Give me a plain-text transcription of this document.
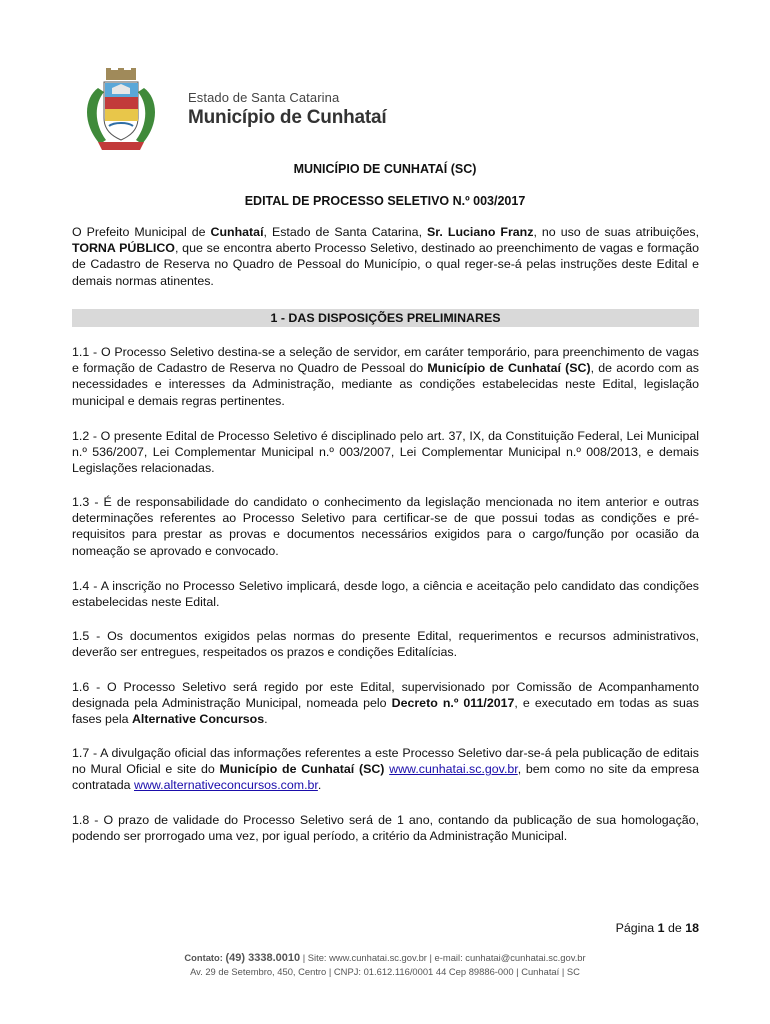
Estado de Santa Catarina
Município de Cunhataí
MUNICÍPIO DE CUNHATAÍ (SC)
EDITAL DE PROCESSO SELETIVO N.º 003/2017
O Prefeito Municipal de Cunhataí, Estado de Santa Catarina, Sr. Luciano Franz, no uso de suas atribuições, TORNA PÚBLICO, que se encontra aberto Processo Seletivo, destinado ao preenchimento de vagas e formação de Cadastro de Reserva no Quadro de Pessoal do Município, o qual reger-se-á pelas instruções deste Edital e demais normas atinentes.
1 - DAS DISPOSIÇÕES PRELIMINARES
1.1 - O Processo Seletivo destina-se a seleção de servidor, em caráter temporário, para preenchimento de vagas e formação de Cadastro de Reserva no Quadro de Pessoal do Município de Cunhataí (SC), de acordo com as necessidades e interesses da Administração, mediante as condições estabelecidas neste Edital, legislação municipal e demais regras pertinentes.
1.2 - O presente Edital de Processo Seletivo é disciplinado pelo art. 37, IX, da Constituição Federal, Lei Municipal n.º 536/2007, Lei Complementar Municipal n.º 003/2007, Lei Complementar Municipal n.º 008/2013, e demais Legislações relacionadas.
1.3 - É de responsabilidade do candidato o conhecimento da legislação mencionada no item anterior e outras determinações referentes ao Processo Seletivo para certificar-se de que possui todas as condições e pré-requisitos para prestar as provas e documentos necessários exigidos para o cargo/função por ocasião da nomeação se aprovado e convocado.
1.4 - A inscrição no Processo Seletivo implicará, desde logo, a ciência e aceitação pelo candidato das condições estabelecidas neste Edital.
1.5 - Os documentos exigidos pelas normas do presente Edital, requerimentos e recursos administrativos, deverão ser entregues, respeitados os prazos e condições Editalícias.
1.6 - O Processo Seletivo será regido por este Edital, supervisionado por Comissão de Acompanhamento designada pela Administração Municipal, nomeada pelo Decreto n.º 011/2017, e executado em todas as suas fases pela Alternative Concursos.
1.7 - A divulgação oficial das informações referentes a este Processo Seletivo dar-se-á pela publicação de editais no Mural Oficial e site do Município de Cunhataí (SC) www.cunhatai.sc.gov.br, bem como no site da empresa contratada www.alternativeconcursos.com.br.
1.8 - O prazo de validade do Processo Seletivo será de 1 ano, contando da publicação de sua homologação, podendo ser prorrogado uma vez, por igual período, a critério da Administração Municipal.
Página 1 de 18
Contato: (49) 3338.0010 | Site: www.cunhatai.sc.gov.br | e-mail: cunhatai@cunhatai.sc.gov.br
Av. 29 de Setembro, 450, Centro | CNPJ: 01.612.116/0001 44 Cep 89886-000 | Cunhataí | SC
